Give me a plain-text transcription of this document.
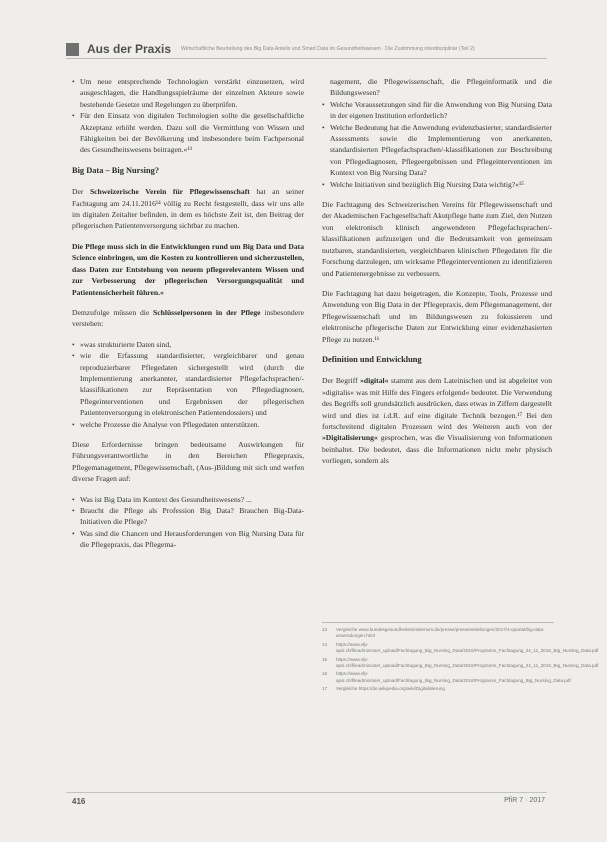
Aus der Praxis Wirtschaftliche Beurteilung des Big Data Anteils und Smart Data im Gesundheitswesen · Die Zustimmung interdisziplinär (Teil 2)
• Um neue entsprechende Technologien verstärkt einzusetzen, wird ausgeschlagen, die Handlungsspielräume der einzelnen Akteure sowie bestehende Gesetze und Regelungen zu überprüfen.
• Für den Einsatz von digitalen Technologien sollte die gesellschaftliche Akzeptanz erhöht werden. Dazu soll die Vermittlung von Wissen und Fähigkeiten bei der Bevölkerung und insbesondere beim Fachpersonal des Gesundheitswesens beitragen.«¹³
Big Data – Big Nursing?

Der Schweizerische Verein für Pflegewissenschaft hat an seiner Fachtagung am 24.11.2016¹⁴ völlig zu Recht festgestellt, dass wir uns alle im digitalen Zeitalter befinden, in dem es höchste Zeit ist, den Beitrag der pflegerischen Patientenversorgung sichtbar zu machen.

Die Pflege muss sich in die Entwicklungen rund um Big Data und Data Science einbringen, um die Kosten zu kontrollieren und sicherzustellen, dass Daten zur Entstehung von neuem pflegerelevantem Wissen und zur Verbesserung der pflegerischen Versorgungsqualität und Patientensicherheit führen.«

Demzufolge müssen die Schlüsselpersonen in der Pflege insbesondere verstehen:

• »was strukturierte Daten sind,
• wie die Erfassung standardisierter, vergleichbarer und genau reproduzierbarer Pflegedaten sichergestellt wird (durch die Implementierung anerkannter, standardisierter Pflegefachsprachen/-klassifikationen zur Repräsentation von Pflegediagnosen, Pflegeinterventionen und Ergebnissen der pflegerischen Patientenversorgung in elektronischen Patientendossiers) und
• welche Prozesse die Analyse von Pflegedaten unterstützen.

Diese Erfordernisse bringen bedeutsame Auswirkungen für Führungsverantwortliche in den Bereichen Pflegepraxis, Pflegemanagement, Pflegewissenschaft, (Aus-)Bildung mit sich und werfen diverse Fragen auf:

• Was ist Big Data im Kontext des Gesundheitswesens? ...
• Braucht die Pflege als Profession Big Data? Brauchen Big-Data-Initiativen die Pflege?
• Was sind die Chancen und Herausforderungen von Big Nursing Data für die Pflegepraxis, das Pflegema-

nagement, die Pflegewissenschaft, die Pflegeinformatik und die Bildungswesen?

• Welche Voraussetzungen sind für die Anwendung von Big Nursing Data in der eigenen Institution erforderlich?
• Welche Bedeutung hat die Anwendung evidenzbasierter, standardisierter Assessments sowie die Implementierung von anerkannten, standardisierten Pflegefachsprachen/-klassifikationen zur Beschreibung von Pflegediagnosen, Pflegeergebnissen und Pflegeinterventionen im Kontext von Big Nursing Data?
• Welche Initiativen sind bezüglich Big Nursing Data wichtig?«¹⁵

Die Fachtagung des Schweizerischen Vereins für Pflegewissenschaft und der Akademischen Fachgesellschaft Akutpflege hatte zum Ziel, den Nutzen von elektronisch klinisch angewendeten Pflegefachsprachen/-klassifikationen aufzuzeigen und die Bedeutsamkeit von gemeinsam nutzbaren, standardisierten, vergleichbaren klinischen Pflegedaten für die Forschung darzulegen, um wirksame Pflegeinterventionen zu identifizieren und Patientenergebnisse zu verbessern.

Die Fachtagung hat dazu beigetragen, die Konzepte, Tools, Prozesse und Anwendung von Big Data in der Pflegepraxis, dem Pflegemanagement, der Pflegewissenschaft und im Bildungswesen zu fokussieren und elektronische pflegerische Daten zur Entwicklung einer evidenzbasierten Pflege zu nutzen.¹⁶

Definition und Entwicklung

Der Begriff »digital« stammt aus dem Lateinischen und ist abgeleitet von »digitalis« was mit Hilfe des Fingers erfolgend« bedeutet. Die Verwendung des Begriffs soll grundsätzlich ausdrücken, dass etwas in Ziffern dargestellt wird und dies ist i.d.R. auf eine digitale Technik bezogen.¹⁷ Bei den fortschreitend digitalen Prozessen wird des Weiteren auch von der »Digitalisierung« gesprochen, was die Visualisierung von Informationen beinhaltet. Die bedeutet, dass die Informationen nicht mehr physisch vorliegen, sondern als

13	Vergleiche www.bundesgesundheitsministerium.de/presse/pressemitteilungen/2017/4-quartal/big-data-anwendungen.html
14	https://www.vfp-apsi.ch/fileadmin/user_upload/Fachtagung_Big_Nursing_Data/2016/Programm_Fachtagung_24_11_2016_Big_Nursing_Data.pdf
15	https://www.vfp-apsi.ch/fileadmin/user_upload/Fachtagung_Big_Nursing_Data/2016/Programm_Fachtagung_24_11_2016_Big_Nursing_Data.pdf
16	https://www.vfp-apsi.ch/fileadmin/user_upload/Fachtagung_Big_Nursing_Data/2016/Programm_Fachtagung_Big_Nursing_Data.pdf
17	Vergleiche https://de.wikipedia.org/wiki/Digitalisierung
416	PfiR 7 · 2017
